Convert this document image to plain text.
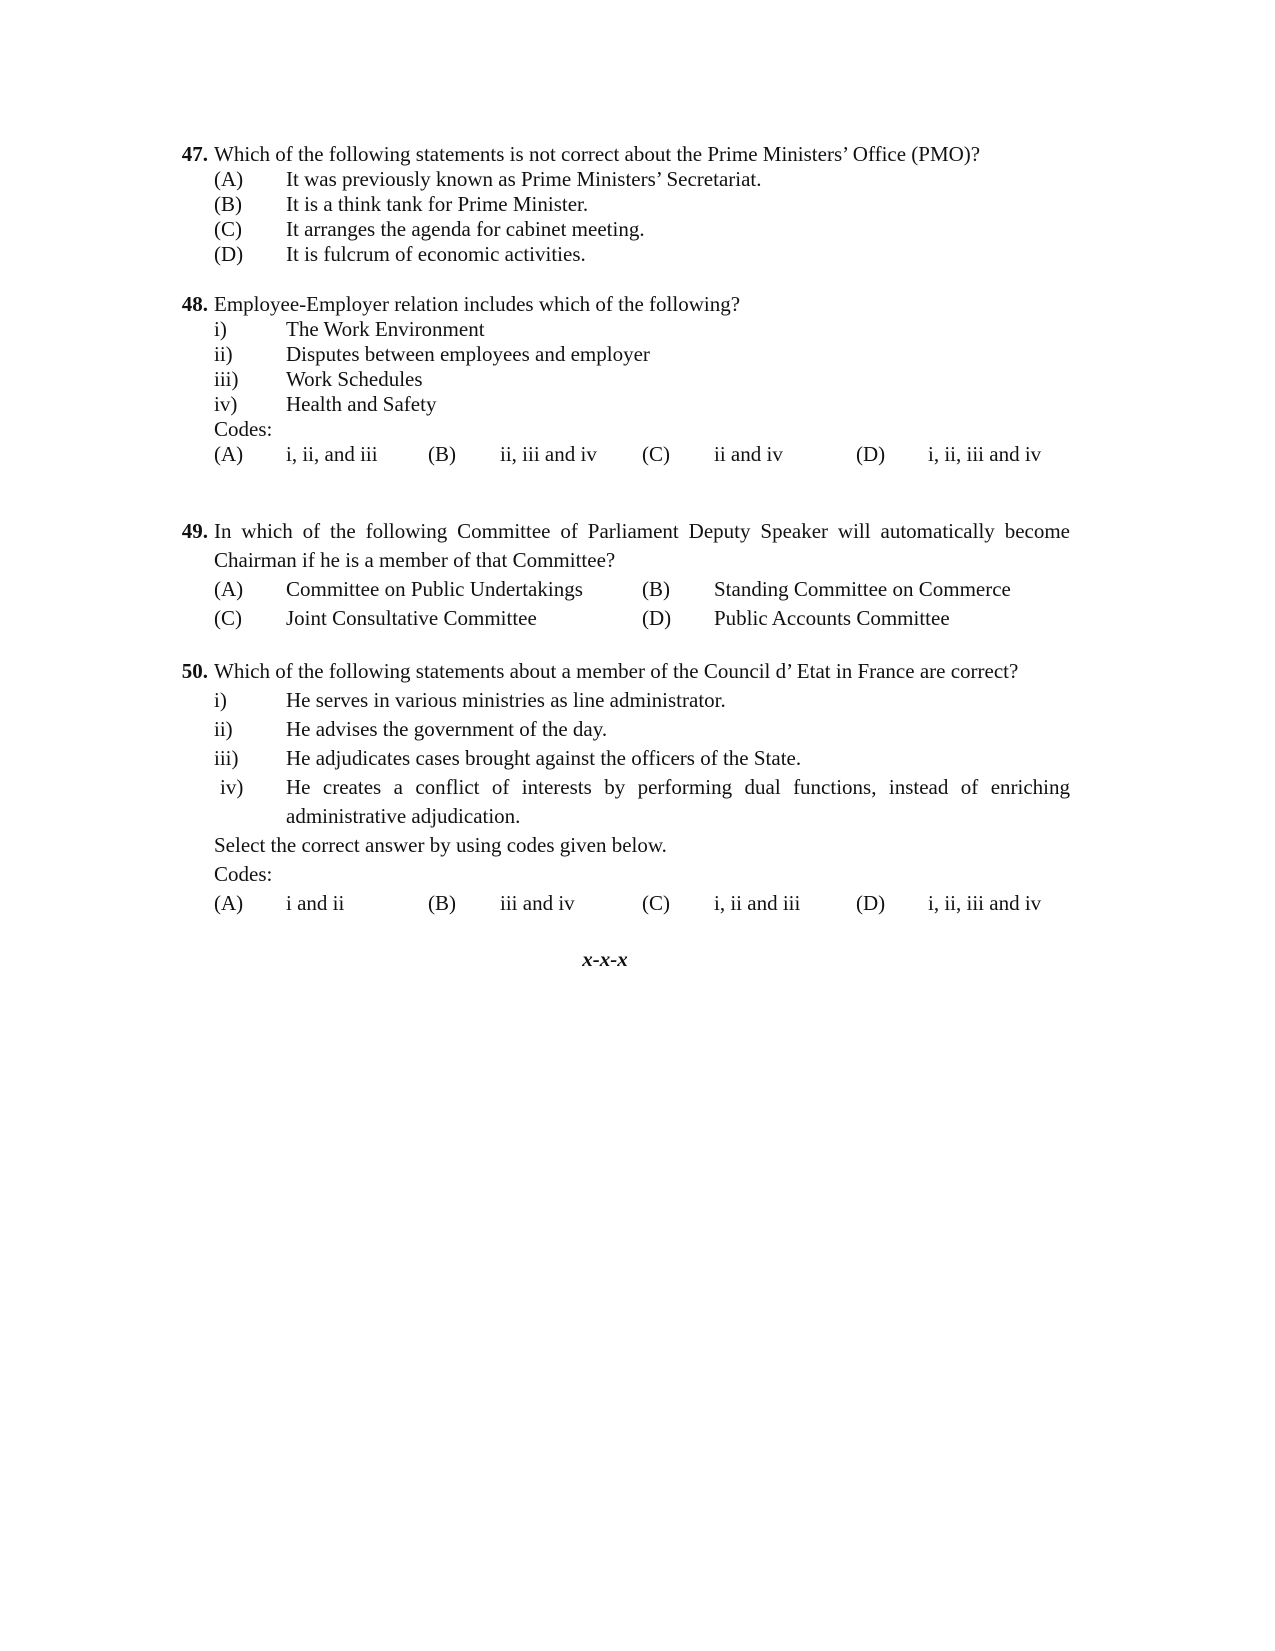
47. Which of the following statements is not correct about the Prime Ministers’ Office (PMO)?
(A)	It was previously known as Prime Ministers’ Secretariat.
(B)	It is a think tank for Prime Minister.
(C)	It arranges the agenda for cabinet meeting.
(D)	It is fulcrum of economic activities.
48. Employee-Employer relation includes which of the following?
i)	The Work Environment
ii)	Disputes between employees and employer
iii)	Work Schedules
iv)	Health and Safety
Codes:
(A)	i, ii, and iii	(B)	ii, iii and iv	(C)	ii and iv	(D)	i, ii, iii and iv
49. In which of the following Committee of Parliament Deputy Speaker will automatically become Chairman if he is a member of that Committee?
(A)	Committee on Public Undertakings	(B)	Standing Committee on Commerce
(C)	Joint Consultative Committee	(D)	Public Accounts Committee
50. Which of the following statements about a member of the Council d’ Etat in France are correct?
i)	He serves in various ministries as line administrator.
ii)	He advises the government of the day.
iii)	He adjudicates cases brought against the officers of the State.
iv)	He creates a conflict of interests by performing dual functions, instead of enriching administrative adjudication.
Select the correct answer by using codes given below.
Codes:
(A)	i and ii	(B)	iii and iv	(C)	i, ii and iii	(D)	i, ii, iii and iv
x-x-x
